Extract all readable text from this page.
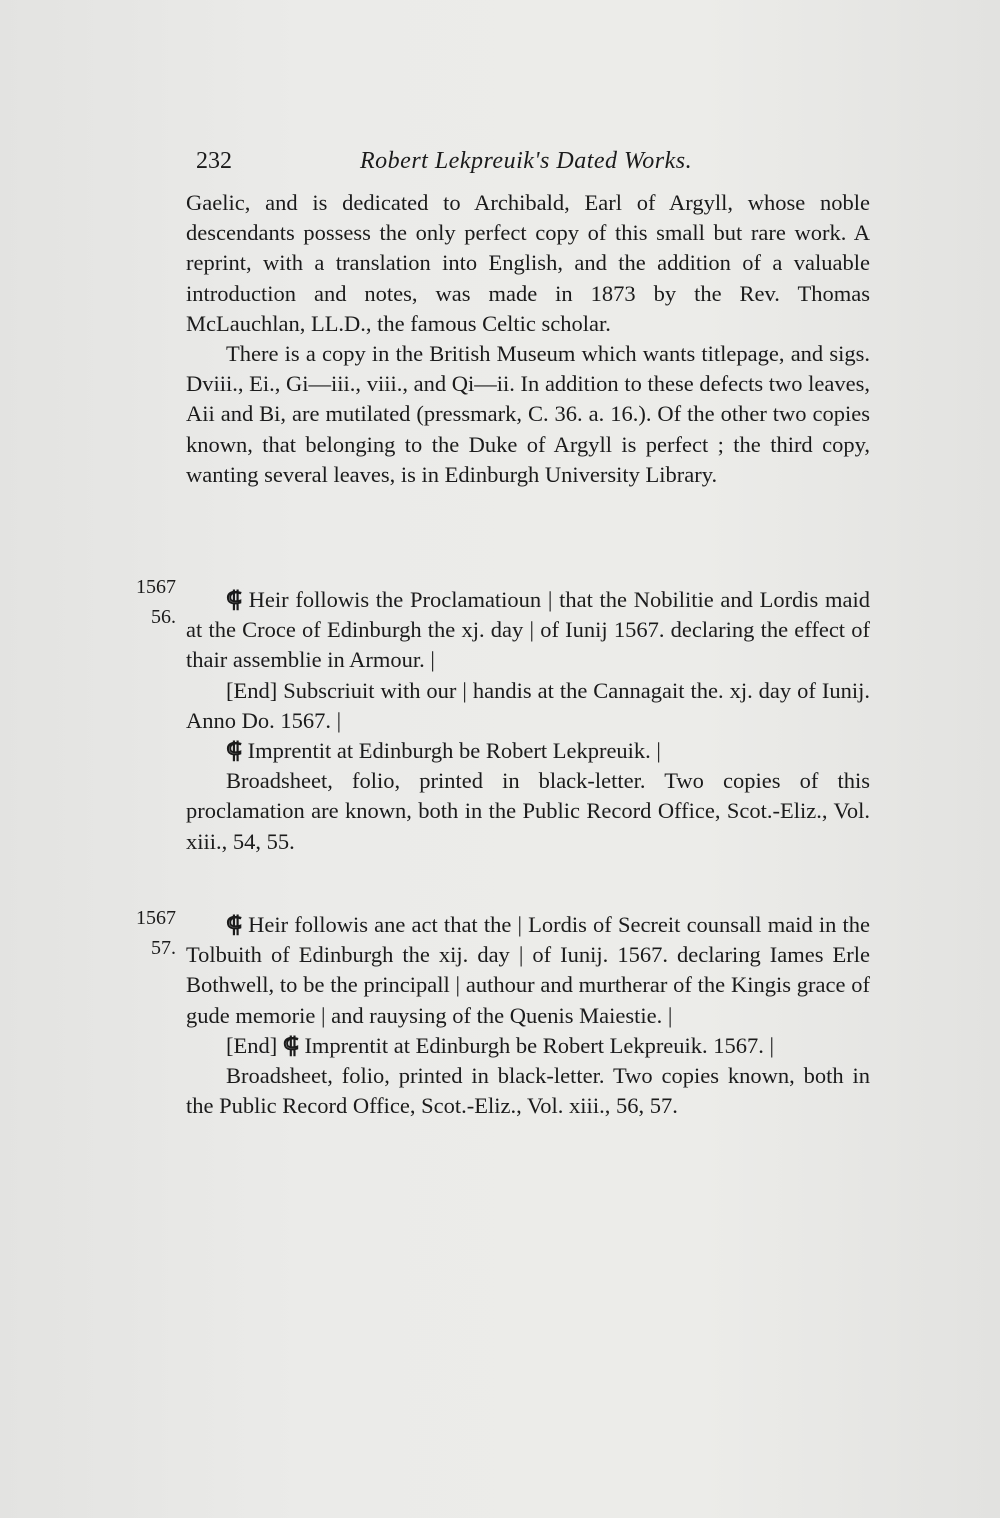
232	Robert Lekpreuik's Dated Works.

Gaelic, and is dedicated to Archibald, Earl of Argyll, whose noble descendants possess the only perfect copy of this small but rare work. A reprint, with a translation into English, and the addition of a valuable introduction and notes, was made in 1873 by the Rev. Thomas McLauchlan, LL.D., the famous Celtic scholar.

There is a copy in the British Museum which wants titlepage, and sigs. Dviii., Ei., Gi—iii., viii., and Qi—ii. In addition to these defects two leaves, Aii and Bi, are mutilated (pressmark, C. 36. a. 16.). Of the other two copies known, that belonging to the Duke of Argyll is perfect ; the third copy, wanting several leaves, is in Edinburgh University Library.

1567
56.

⸿ Heir followis the Proclamatioun | that the Nobilitie and Lordis maid at the Croce of Edinburgh the xj. day | of Iunij 1567. declaring the effect of thair assemblie in Armour. |

[End] Subscriuit with our | handis at the Cannagait the. xj. day of Iunij. Anno Do. 1567. |

⸿ Imprentit at Edinburgh be Robert Lekpreuik. |

Broadsheet, folio, printed in black-letter. Two copies of this proclamation are known, both in the Public Record Office, Scot.-Eliz., Vol. xiii., 54, 55.

1567
57.

⸿ Heir followis ane act that the | Lordis of Secreit counsall maid in the Tolbuith of Edinburgh the xij. day | of Iunij. 1567. declaring Iames Erle Bothwell, to be the principall | authour and murtherar of the Kingis grace of gude memorie | and rauysing of the Quenis Maiestie. |

[End] ⸿ Imprentit at Edinburgh be Robert Lekpreuik. 1567. |

Broadsheet, folio, printed in black-letter. Two copies known, both in the Public Record Office, Scot.-Eliz., Vol. xiii., 56, 57.
